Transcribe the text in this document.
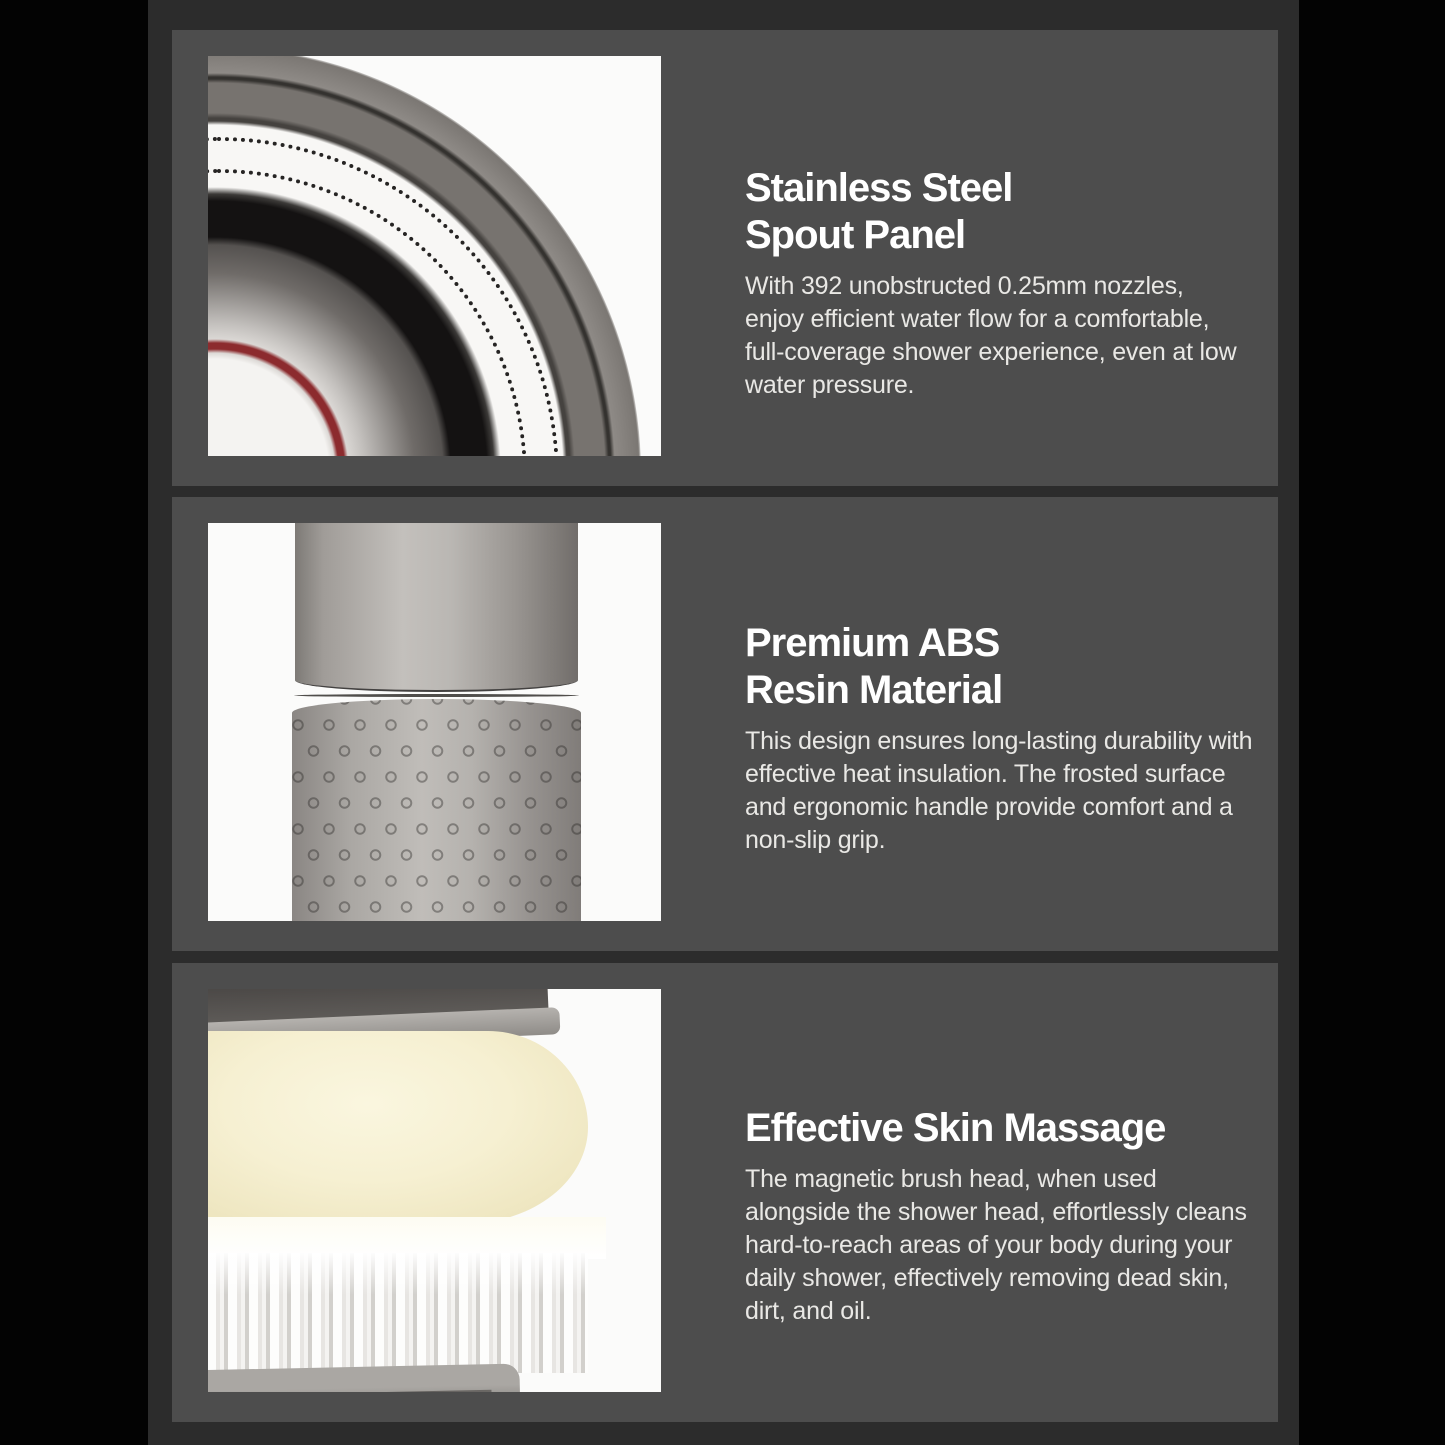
Stainless Steel
Spout Panel

With 392 unobstructed 0.25mm nozzles, enjoy efficient water flow for a comfortable, full-coverage shower experience, even at low water pressure.

Premium ABS
Resin Material

This design ensures long-lasting durability with effective heat insulation. The frosted surface and ergonomic handle provide comfort and a non-slip grip.

Effective Skin Massage

The magnetic brush head, when used alongside the shower head, effortlessly cleans hard-to-reach areas of your body during your daily shower, effectively removing dead skin, dirt, and oil.
